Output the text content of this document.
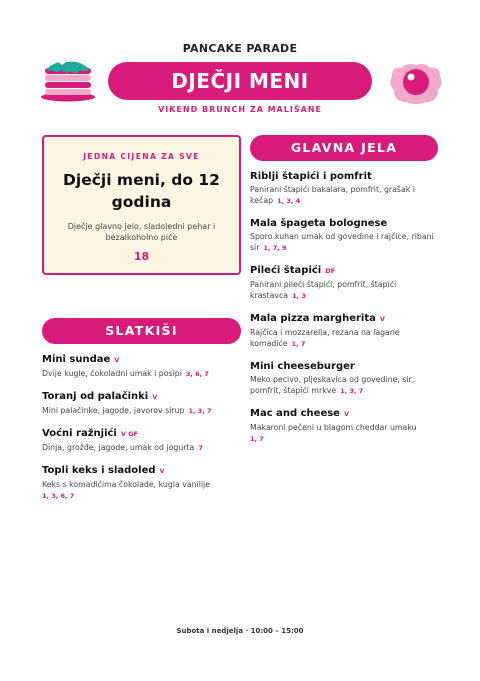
PANCAKE PARADE
DJEČJI MENI
VIKEND BRUNCH ZA MALIŠANE
JEDNA CIJENA ZA SVE
Dječji meni, do 12 godina
Dječje glavno jelo, sladoledni pehar i bezalkoholno piće
18
GLAVNA JELA
Riblji štapići i pomfrit
Panirani štapići bakalara, pomfrit, grašak i kečap 1, 3, 4
Mala špageta bolognese
Sporo kuhan umak od govedine i rajčice, ribani sir 1, 7, 9
Pileći štapići DF
Panirani pileći štapići, pomfrit, štapići krastavca 1, 3
Mala pizza margherita V
Rajčica i mozzarella, rezana na lagane komadiće 1, 7
Mini cheeseburger
Meko pecivo, pljeskavica od govedine, sir, pomfrit, štapići mrkve 1, 3, 7
Mac and cheese V
Makaroni pečeni u blagom cheddar umaku
1, 7
SLATKIŠI
Mini sundae V
Dvije kugle, čokoladni umak i posipi 3, 6, 7
Toranj od palačinki V
Mini palačinke, jagode, javorov sirup 1, 3, 7
Voćni ražnjići V GF
Dinja, grožđe, jagode, umak od jogurta 7
Topli keks i sladoled V
Keks s komadićima čokolade, kugla vanilije
1, 3, 6, 7
Subota i nedjelja · 10:00 – 15:00
